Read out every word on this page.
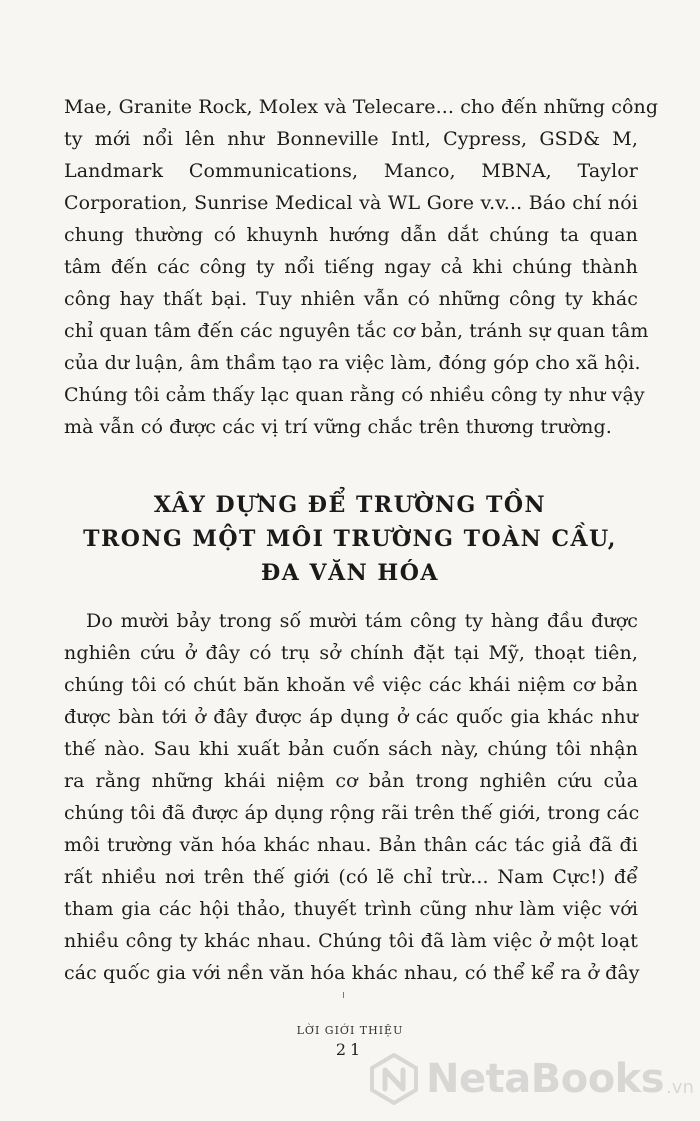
Mae, Granite Rock, Molex và Telecare... cho đến những công
ty mới nổi lên như Bonneville Intl, Cypress, GSD& M,
Landmark Communications, Manco, MBNA, Taylor
Corporation, Sunrise Medical và WL Gore v.v... Báo chí nói
chung thường có khuynh hướng dẫn dắt chúng ta quan
tâm đến các công ty nổi tiếng ngay cả khi chúng thành
công hay thất bại. Tuy nhiên vẫn có những công ty khác
chỉ quan tâm đến các nguyên tắc cơ bản, tránh sự quan tâm
của dư luận, âm thầm tạo ra việc làm, đóng góp cho xã hội.
Chúng tôi cảm thấy lạc quan rằng có nhiều công ty như vậy
mà vẫn có được các vị trí vững chắc trên thương trường.
XÂY DỰNG ĐỂ TRƯỜNG TỒN
TRONG MỘT MÔI TRƯỜNG TOÀN CẦU,
ĐA VĂN HÓA
Do mười bảy trong số mười tám công ty hàng đầu được
nghiên cứu ở đây có trụ sở chính đặt tại Mỹ, thoạt tiên,
chúng tôi có chút băn khoăn về việc các khái niệm cơ bản
được bàn tới ở đây được áp dụng ở các quốc gia khác như
thế nào. Sau khi xuất bản cuốn sách này, chúng tôi nhận
ra rằng những khái niệm cơ bản trong nghiên cứu của
chúng tôi đã được áp dụng rộng rãi trên thế giới, trong các
môi trường văn hóa khác nhau. Bản thân các tác giả đã đi
rất nhiều nơi trên thế giới (có lẽ chỉ trừ... Nam Cực!) để
tham gia các hội thảo, thuyết trình cũng như làm việc với
nhiều công ty khác nhau. Chúng tôi đã làm việc ở một loạt
các quốc gia với nền văn hóa khác nhau, có thể kể ra ở đây
LỜI GIỚI THIỆU
21
NetaBooks .vn
